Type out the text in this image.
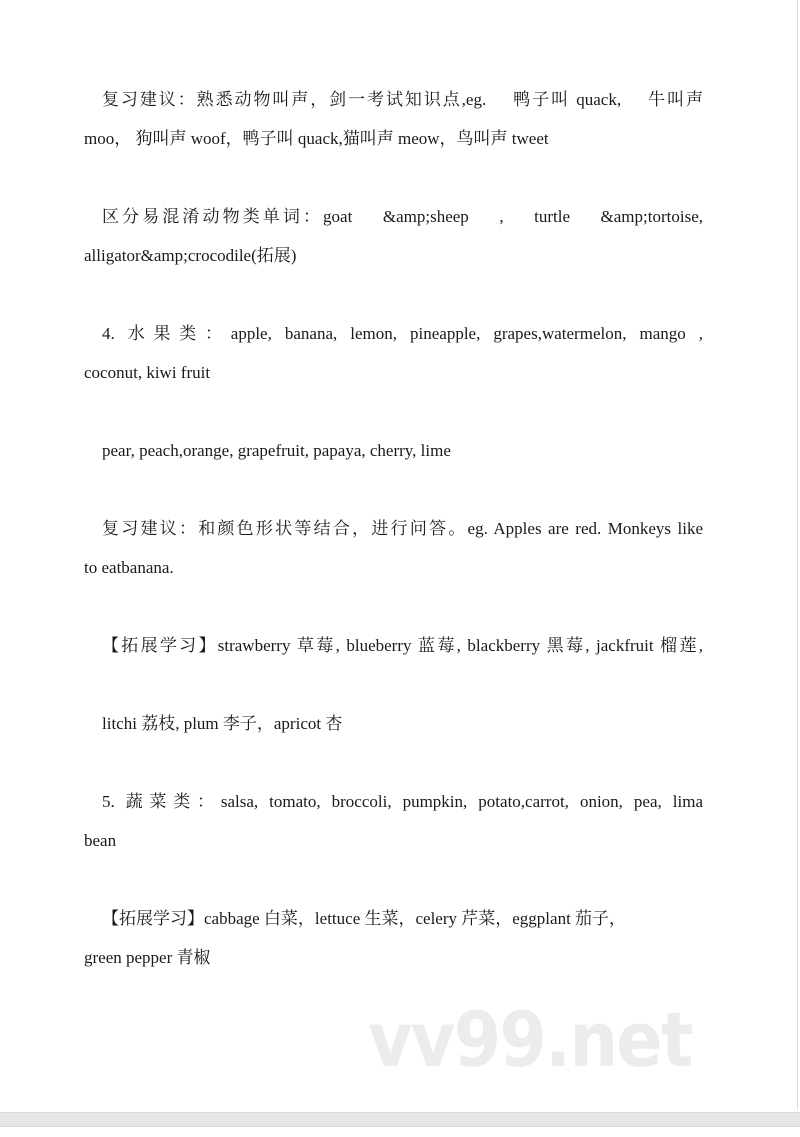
复习建议：熟悉动物叫声，剑一考试知识点,eg.　 鸭子叫 quack,　 牛叫声
moo， 狗叫声 woof，鸭子叫 quack,猫叫声 meow，鸟叫声 tweet
区分易混淆动物类单词：goat　 &amp;sheep　 ,　 turtle　 &amp;tortoise,
alligator&amp;crocodile(拓展)
4. 水果类：apple, banana, lemon, pineapple, grapes,watermelon, mango ,
coconut, kiwi fruit
pear, peach,orange, grapefruit, papaya, cherry, lime
复习建议：和颜色形状等结合，进行问答。eg. Apples are red. Monkeys like
to eatbanana.
【拓展学习】strawberry 草莓, blueberry 蓝莓, blackberry 黑莓, jackfruit 榴莲,
litchi 荔枝, plum 李子，apricot 杏
5. 蔬菜类：salsa, tomato, broccoli, pumpkin, potato,carrot, onion, pea, lima
bean
【拓展学习】cabbage 白菜，lettuce 生菜，celery 芹菜，eggplant 茄子，
green pepper 青椒
vv99.net
